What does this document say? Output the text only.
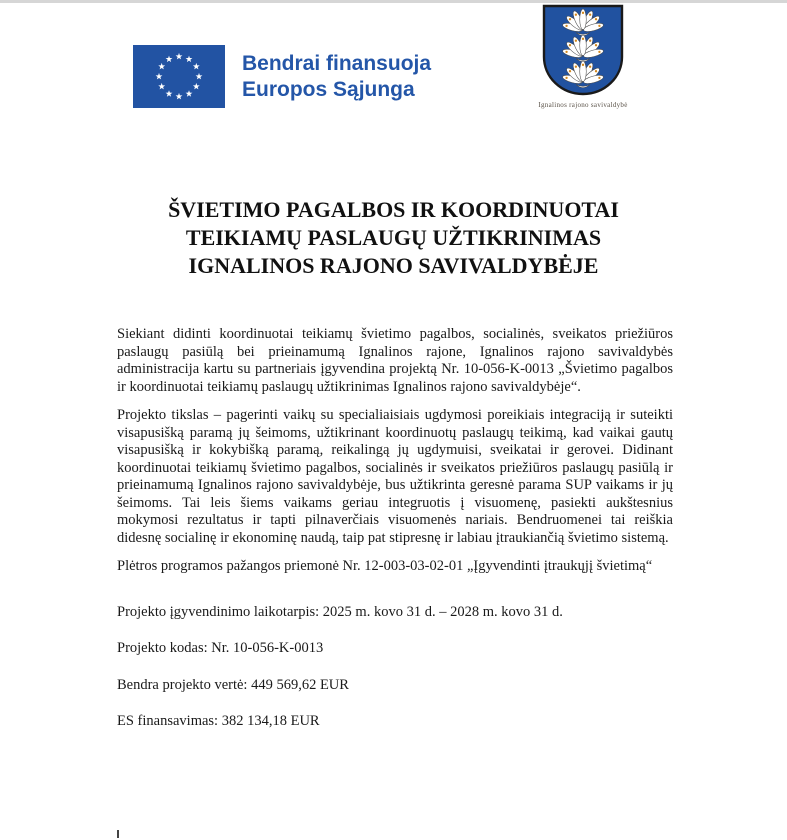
Bendrai finansuoja
Europos Sąjunga
Ignalinos rajono savivaldybė
ŠVIETIMO PAGALBOS IR KOORDINUOTAI
TEIKIAMŲ PASLAUGŲ UŽTIKRINIMAS
IGNALINOS RAJONO SAVIVALDYBĖJE

Siekiant didinti koordinuotai teikiamų švietimo pagalbos, socialinės, sveikatos priežiūros paslaugų pasiūlą bei prieinamumą Ignalinos rajone, Ignalinos rajono savivaldybės administracija kartu su partneriais įgyvendina projektą Nr. 10-056-K-0013 „Švietimo pagalbos ir koordinuotai teikiamų paslaugų užtikrinimas Ignalinos rajono savivaldybėje“.

Projekto tikslas – pagerinti vaikų su specialiaisiais ugdymosi poreikiais integraciją ir suteikti visapusišką paramą jų šeimoms, užtikrinant koordinuotų paslaugų teikimą, kad vaikai gautų visapusišką ir kokybišką paramą, reikalingą jų ugdymuisi, sveikatai ir gerovei. Didinant koordinuotai teikiamų švietimo pagalbos, socialinės ir sveikatos priežiūros paslaugų pasiūlą ir prieinamumą Ignalinos rajono savivaldybėje, bus užtikrinta geresnė parama SUP vaikams ir jų šeimoms. Tai leis šiems vaikams geriau integruotis į visuomenę, pasiekti aukštesnius mokymosi rezultatus ir tapti pilnaverčiais visuomenės nariais. Bendruomenei tai reiškia didesnę socialinę ir ekonominę naudą, taip pat stipresnę ir labiau įtraukiančią švietimo sistemą.

Plėtros programos pažangos priemonė Nr. 12-003-03-02-01 „Įgyvendinti įtraukųjį švietimą“

Projekto įgyvendinimo laikotarpis: 2025 m. kovo 31 d. – 2028 m. kovo 31 d.

Projekto kodas: Nr. 10-056-K-0013

Bendra projekto vertė: 449 569,62 EUR

ES finansavimas: 382 134,18 EUR
